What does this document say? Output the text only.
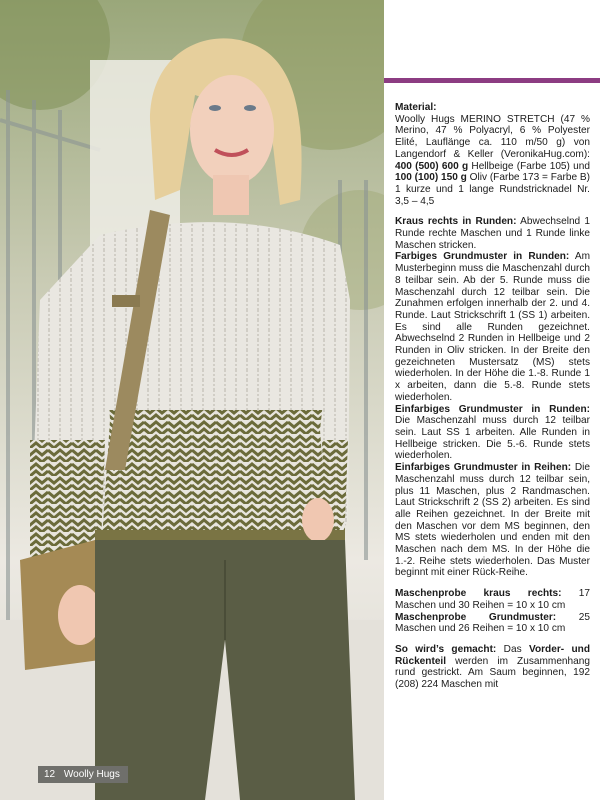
12 Woolly Hugs

Material:
Woolly Hugs MERINO STRETCH (47 % Merino, 47 % Polyacryl, 6 % Polyester Elité, Lauflänge ca. 110 m/50 g) von Langendorf & Keller (VeronikaHug.com): 400 (500) 600 g Hellbeige (Farbe 105) und 100 (100) 150 g Oliv (Farbe 173 = Farbe B)
1 kurze und 1 lange Rundstricknadel Nr. 3,5 – 4,5

Kraus rechts in Runden: Abwechselnd 1 Runde rechte Maschen und 1 Runde linke Maschen stricken.

Farbiges Grundmuster in Runden: Am Musterbeginn muss die Maschenzahl durch 8 teilbar sein. Ab der 5. Runde muss die Maschenzahl durch 12 teilbar sein. Die Zunahmen erfolgen innerhalb der 2. und 4. Runde. Laut Strickschrift 1 (SS 1) arbeiten. Es sind alle Runden gezeichnet. Abwechselnd 2 Runden in Hellbeige und 2 Runden in Oliv stricken. In der Breite den gezeichneten Mustersatz (MS) stets wiederholen. In der Höhe die 1.-8. Runde 1 x arbeiten, dann die 5.-8. Runde stets wiederholen.

Einfarbiges Grundmuster in Runden: Die Maschenzahl muss durch 12 teilbar sein. Laut SS 1 arbeiten. Alle Runden in Hellbeige stricken. Die 5.-6. Runde stets wiederholen.

Einfarbiges Grundmuster in Reihen: Die Maschenzahl muss durch 12 teilbar sein, plus 11 Maschen, plus 2 Randmaschen. Laut Strickschrift 2 (SS 2) arbeiten. Es sind alle Reihen gezeichnet. In der Breite mit den Maschen vor dem MS beginnen, den MS stets wiederholen und enden mit den Maschen nach dem MS. In der Höhe die 1.-2. Reihe stets wiederholen. Das Muster beginnt mit einer Rück-Reihe.

Maschenprobe kraus rechts: 17 Maschen und 30 Reihen = 10 x 10 cm

Maschenprobe Grundmuster: 25 Maschen und 26 Reihen = 10 x 10 cm

So wird’s gemacht: Das Vorder- und Rückenteil werden im Zusammenhang rund gestrickt. Am Saum beginnen, 192 (208) 224 Maschen mit

PassionForum.ru
